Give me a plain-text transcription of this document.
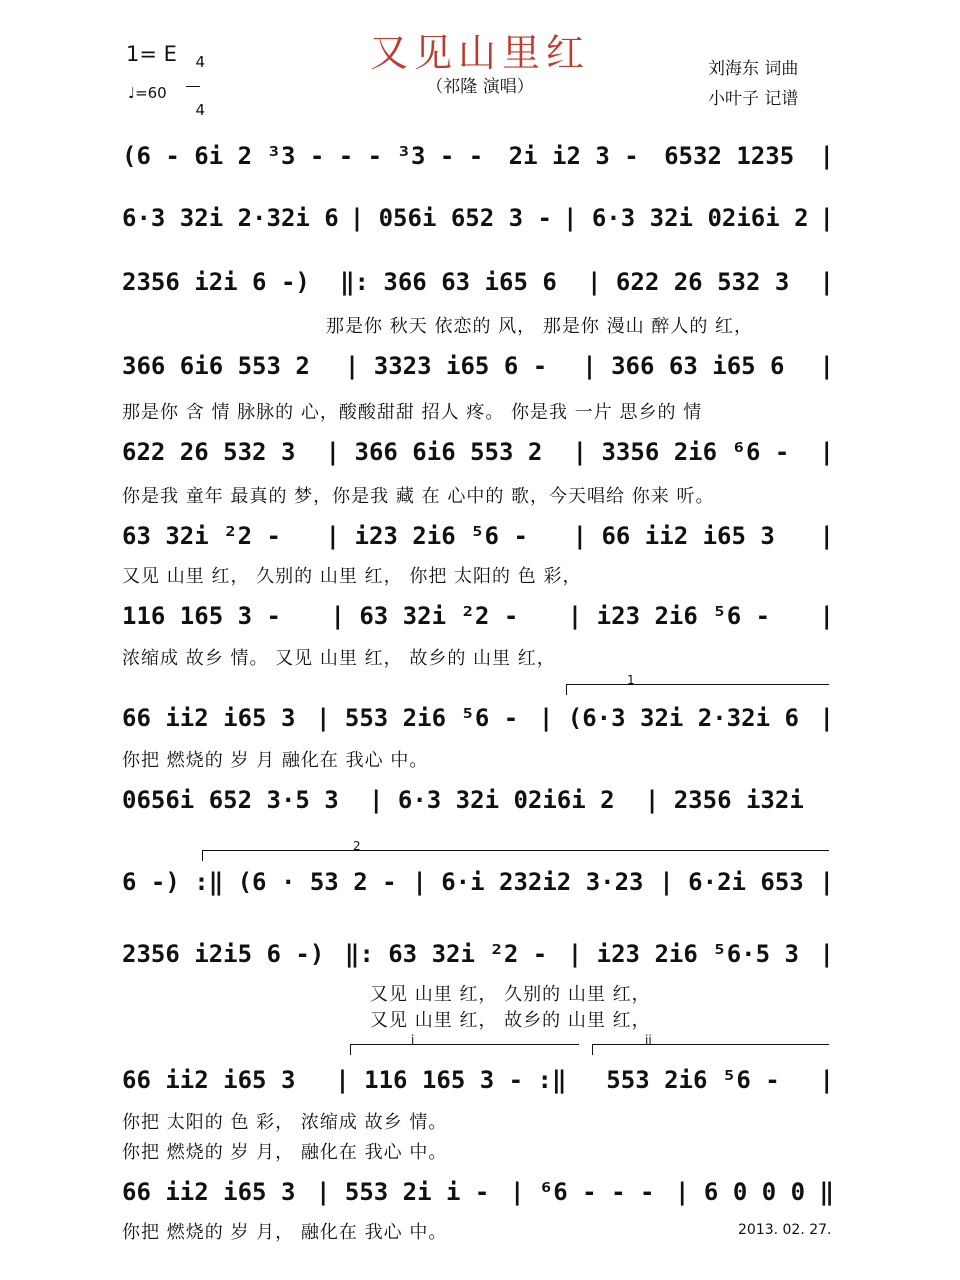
又见山里红
（祁隆 演唱）
1= E	4

4

♩=60
刘海东 词曲
小叶子 记谱
(6 - 6i 2 ³3 - - - ³3 - - 2i i2 3 - 6532 1235 |
6·3 32i 2·32i 6 | 056i 652 3 - | 6·3 32i 02i6i 2 |
2356 i2i 6 -) ‖: 366 63 i65 6 | 622 26 532 3 |
那是你 秋天 依恋的 风， 那是你 漫山 醉人的 红，
366 6i6 553 2 | 3323 i65 6 - | 366 63 i65 6 |
那是你 含 情 脉脉的 心，酸酸甜甜 招人 疼。 你是我 一片 思乡的 情
622 26 532 3 | 366 6i6 553 2 | 3356 2i6 ⁶6 - |
你是我 童年 最真的 梦，你是我 藏 在 心中的 歌，今天唱给 你来 听。
63 32i ²2 - | i23 2i6 ⁵6 - | 66 ii2 i65 3 |
又见 山里 红， 久别的 山里 红， 你把 太阳的 色 彩，
116 165 3 - | 63 32i ²2 - | i23 2i6 ⁵6 - |
浓缩成 故乡 情。 又见 山里 红， 故乡的 山里 红，

1

66 ii2 i65 3 | 553 2i6 ⁵6 - | (6·3 32i 2·32i 6 |
你把 燃烧的 岁 月 融化在 我心 中。
0656i 652 3·5 3 | 6·3 32i 02i6i 2 | 2356 i32i

2

6 -) :‖ (6 · 53 2 - | 6·i 232i2 3·23 | 6·2i 653 |
2356 i2i5 6 -) ‖: 63 32i ²2 - | i23 2i6 ⁵6·5 3 |
又见 山里 红， 久别的 山里 红，
又见 山里 红， 故乡的 山里 红，

i

	ii

66 ii2 i65 3 | 116 165 3 - :‖ 553 2i6 ⁵6 - |
你把 太阳的 色 彩， 浓缩成 故乡 情。
你把 燃烧的 岁 月， 融化在 我心 中。
66 ii2 i65 3 | 553 2i i - | ⁶6 - - - | 6 0 0 0 ‖
你把 燃烧的 岁 月， 融化在 我心 中。	2013. 02. 27.
